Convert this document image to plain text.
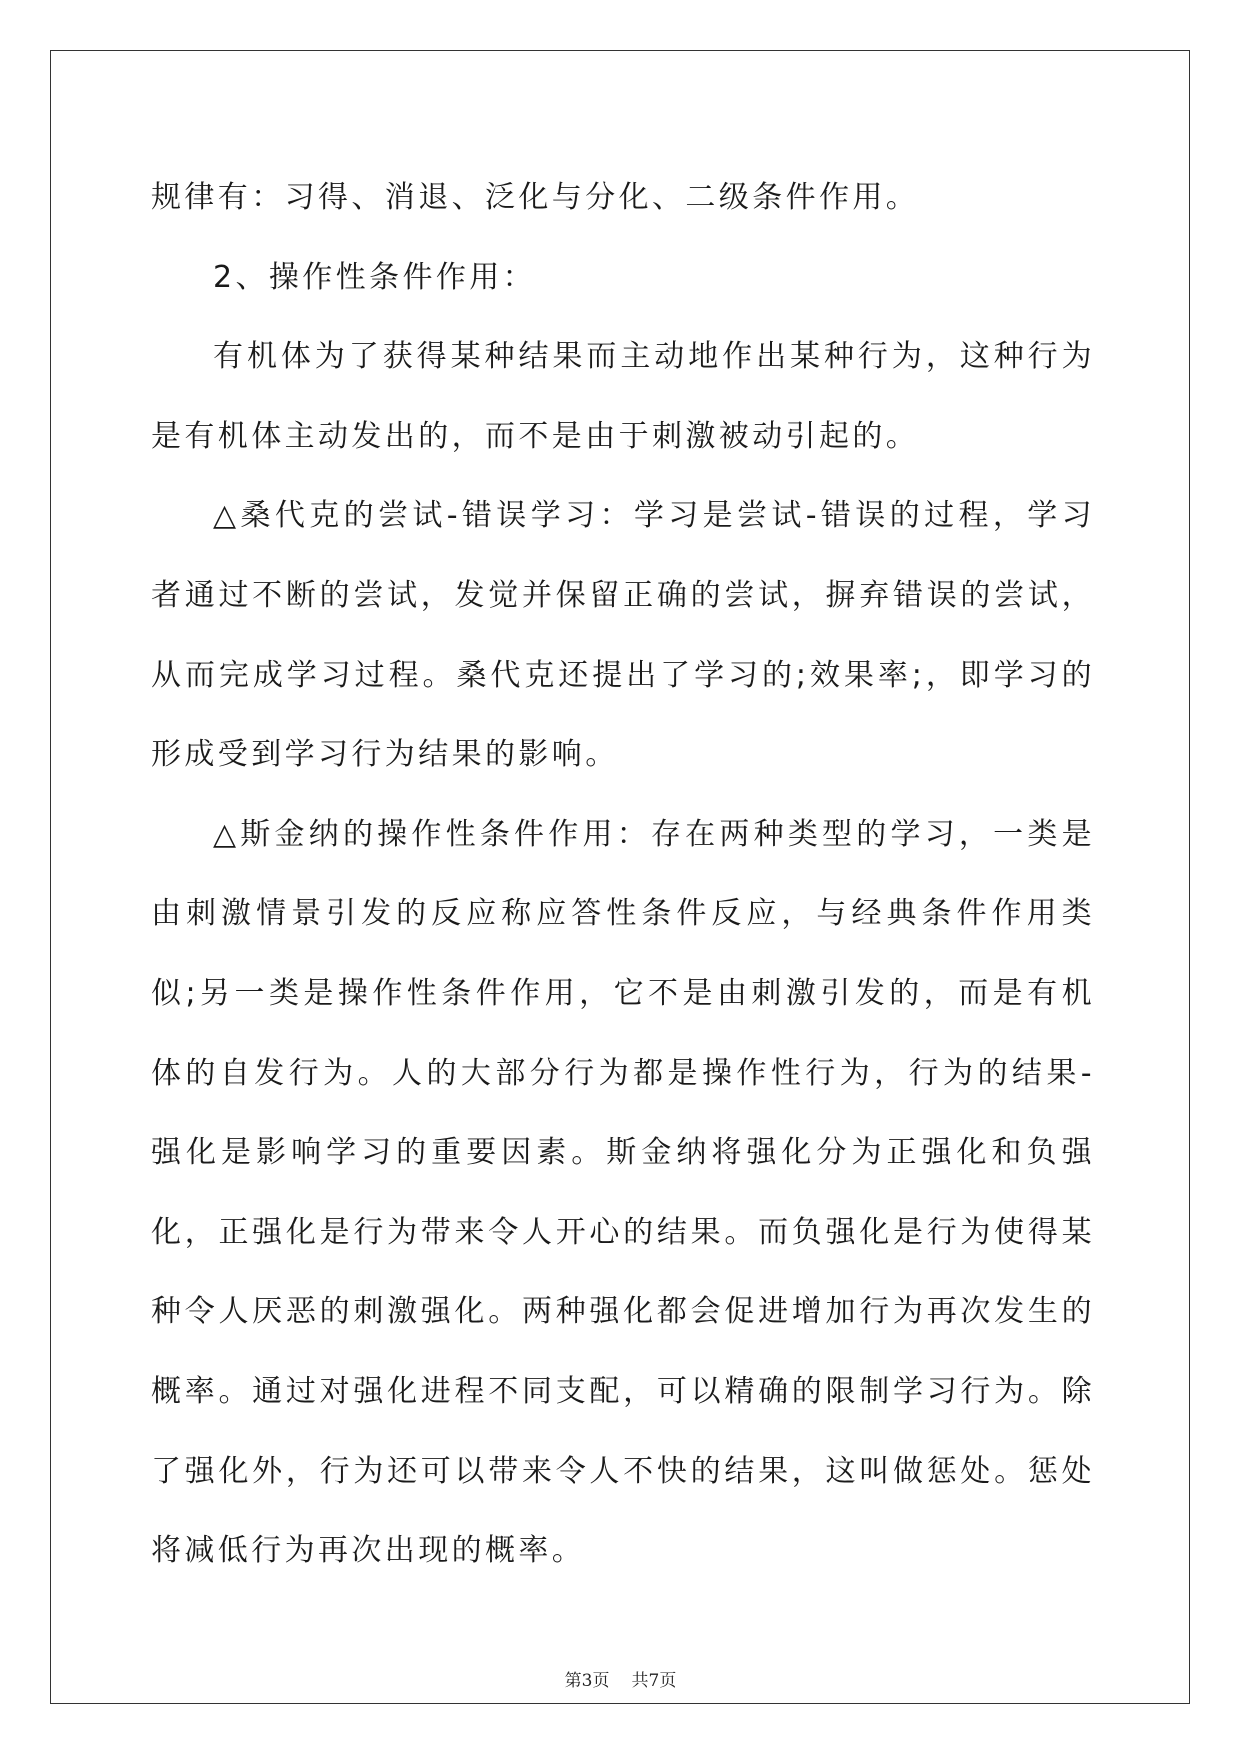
规律有：习得、消退、泛化与分化、二级条件作用。

2、操作性条件作用：

有机体为了获得某种结果而主动地作出某种行为，这种行为是有机体主动发出的，而不是由于刺激被动引起的。

△桑代克的尝试-错误学习：学习是尝试-错误的过程，学习者通过不断的尝试，发觉并保留正确的尝试，摒弃错误的尝试，从而完成学习过程。桑代克还提出了学习的;效果率;，即学习的形成受到学习行为结果的影响。

△斯金纳的操作性条件作用：存在两种类型的学习，一类是由刺激情景引发的反应称应答性条件反应，与经典条件作用类似;另一类是操作性条件作用，它不是由刺激引发的，而是有机体的自发行为。人的大部分行为都是操作性行为，行为的结果-强化是影响学习的重要因素。斯金纳将强化分为正强化和负强化，正强化是行为带来令人开心的结果。而负强化是行为使得某种令人厌恶的刺激强化。两种强化都会促进增加行为再次发生的概率。通过对强化进程不同支配，可以精确的限制学习行为。除了强化外，行为还可以带来令人不快的结果，这叫做惩处。惩处将减低行为再次出现的概率。

第3页 共7页
